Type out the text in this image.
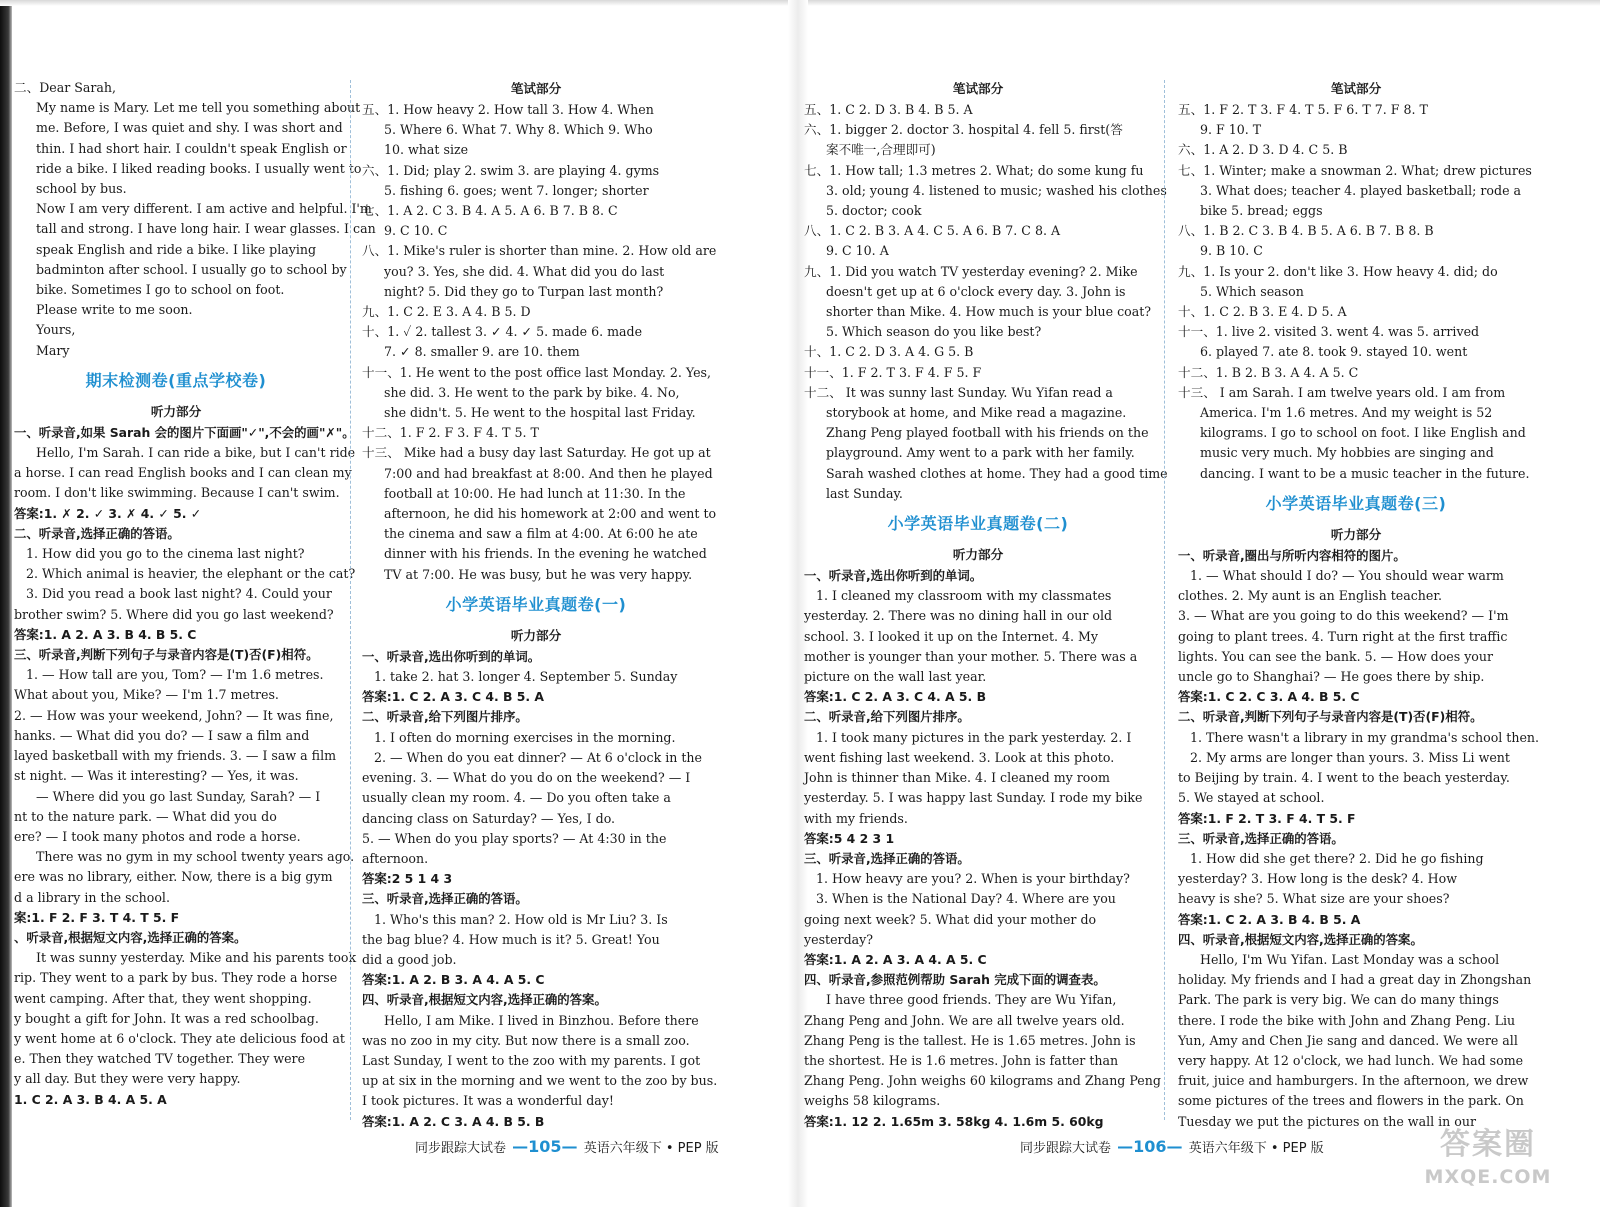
二、Dear Sarah,
My name is Mary. Let me tell you something about
me. Before, I was quiet and shy. I was short and
thin. I had short hair. I couldn't speak English or
ride a bike. I liked reading books. I usually went to
school by bus.
Now I am very different. I am active and helpful. I'm
tall and strong. I have long hair. I wear glasses. I can
speak English and ride a bike. I like playing
badminton after school. I usually go to school by
bike. Sometimes I go to school on foot.
Please write to me soon.
Yours,
Mary
期末检测卷(重点学校卷)
听力部分
一、听录音,如果 Sarah 会的图片下面画"✓",不会的画"✗"。
Hello, I'm Sarah. I can ride a bike, but I can't ride
a horse. I can read English books and I can clean my
room. I don't like swimming. Because I can't swim.
答案:1. ✗ 2. ✓ 3. ✗ 4. ✓ 5. ✓
二、听录音,选择正确的答语。
1. How did you go to the cinema last night?
2. Which animal is heavier, the elephant or the cat?
3. Did you read a book last night? 4. Could your
brother swim? 5. Where did you go last weekend?
答案:1. A 2. A 3. B 4. B 5. C
三、听录音,判断下列句子与录音内容是(T)否(F)相符。
1. — How tall are you, Tom? — I'm 1.6 metres.
What about you, Mike? — I'm 1.7 metres.
2. — How was your weekend, John? — It was fine,
hanks. — What did you do? — I saw a film and
layed basketball with my friends. 3. — I saw a film
st night. — Was it interesting? — Yes, it was.
— Where did you go last Sunday, Sarah? — I
nt to the nature park. — What did you do
ere? — I took many photos and rode a horse.
There was no gym in my school twenty years ago.
ere was no library, either. Now, there is a big gym
d a library in the school.
案:1. F 2. F 3. T 4. T 5. F
、听录音,根据短文内容,选择正确的答案。
It was sunny yesterday. Mike and his parents took
rip. They went to a park by bus. They rode a horse
went camping. After that, they went shopping.
y bought a gift for John. It was a red schoolbag.
y went home at 6 o'clock. They ate delicious food at
e. Then they watched TV together. They were
y all day. But they were very happy.
1. C 2. A 3. B 4. A 5. A
笔试部分
五、1. How heavy 2. How tall 3. How 4. When
5. Where 6. What 7. Why 8. Which 9. Who
10. what size
六、1. Did; play 2. swim 3. are playing 4. gyms
5. fishing 6. goes; went 7. longer; shorter
七、1. A 2. C 3. B 4. A 5. A 6. B 7. B 8. C
9. C 10. C
八、1. Mike's ruler is shorter than mine. 2. How old are
you? 3. Yes, she did. 4. What did you do last
night? 5. Did they go to Turpan last month?
九、1. C 2. E 3. A 4. B 5. D
十、1. ✓ 2. tallest 3. ✓ 4. ✓ 5. made 6. made
7. ✓ 8. smaller 9. are 10. them
十一、1. He went to the post office last Monday. 2. Yes,
she did. 3. He went to the park by bike. 4. No,
she didn't. 5. He went to the hospital last Friday.
十二、1. F 2. F 3. F 4. T 5. T
十三、 Mike had a busy day last Saturday. He got up at
7:00 and had breakfast at 8:00. And then he played
football at 10:00. He had lunch at 11:30. In the
afternoon, he did his homework at 2:00 and went to
the cinema and saw a film at 4:00. At 6:00 he ate
dinner with his friends. In the evening he watched
TV at 7:00. He was busy, but he was very happy.
小学英语毕业真题卷(一)
听力部分
一、听录音,选出你听到的单词。
1. take 2. hat 3. longer 4. September 5. Sunday
答案:1. C 2. A 3. C 4. B 5. A
二、听录音,给下列图片排序。
1. I often do morning exercises in the morning.
2. — When do you eat dinner? — At 6 o'clock in the
evening. 3. — What do you do on the weekend? — I
usually clean my room. 4. — Do you often take a
dancing class on Saturday? — Yes, I do.
5. — When do you play sports? — At 4:30 in the
afternoon.
答案:2 5 1 4 3
三、听录音,选择正确的答语。
1. Who's this man? 2. How old is Mr Liu? 3. Is
the bag blue? 4. How much is it? 5. Great! You
did a good job.
答案:1. A 2. B 3. A 4. A 5. C
四、听录音,根据短文内容,选择正确的答案。
Hello, I am Mike. I lived in Binzhou. Before there
was no zoo in my city. But now there is a small zoo.
Last Sunday, I went to the zoo with my parents. I got
up at six in the morning and we went to the zoo by bus.
I took pictures. It was a wonderful day!
答案:1. A 2. C 3. A 4. B 5. B
笔试部分
五、1. C 2. D 3. B 4. B 5. A
六、1. bigger 2. doctor 3. hospital 4. fell 5. first(答
案不唯一,合理即可)
七、1. How tall; 1.3 metres 2. What; do some kung fu
3. old; young 4. listened to music; washed his clothes
5. doctor; cook
八、1. C 2. B 3. A 4. C 5. A 6. B 7. C 8. A
9. C 10. A
九、1. Did you watch TV yesterday evening? 2. Mike
doesn't get up at 6 o'clock every day. 3. John is
shorter than Mike. 4. How much is your blue coat?
5. Which season do you like best?
十、1. C 2. D 3. A 4. G 5. B
十一、1. F 2. T 3. F 4. F 5. F
十二、 It was sunny last Sunday. Wu Yifan read a
storybook at home, and Mike read a magazine.
Zhang Peng played football with his friends on the
playground. Amy went to a park with her family.
Sarah washed clothes at home. They had a good time
last Sunday.
小学英语毕业真题卷(二)
听力部分
一、听录音,选出你听到的单词。
1. I cleaned my classroom with my classmates
yesterday. 2. There was no dining hall in our old
school. 3. I looked it up on the Internet. 4. My
mother is younger than your mother. 5. There was a
picture on the wall last year.
答案:1. C 2. A 3. C 4. A 5. B
二、听录音,给下列图片排序。
1. I took many pictures in the park yesterday. 2. I
went fishing last weekend. 3. Look at this photo.
John is thinner than Mike. 4. I cleaned my room
yesterday. 5. I was happy last Sunday. I rode my bike
with my friends.
答案:5 4 2 3 1
三、听录音,选择正确的答语。
1. How heavy are you? 2. When is your birthday?
3. When is the National Day? 4. Where are you
going next week? 5. What did your mother do
yesterday?
答案:1. A 2. A 3. A 4. A 5. C
四、听录音,参照范例帮助 Sarah 完成下面的调查表。
I have three good friends. They are Wu Yifan,
Zhang Peng and John. We are all twelve years old.
Zhang Peng is the tallest. He is 1.65 metres. John is
the shortest. He is 1.6 metres. John is fatter than
Zhang Peng. John weighs 60 kilograms and Zhang Peng
weighs 58 kilograms.
答案:1. 12 2. 1.65m 3. 58kg 4. 1.6m 5. 60kg
笔试部分
五、1. F 2. T 3. F 4. T 5. F 6. T 7. F 8. T
9. F 10. T
六、1. A 2. D 3. D 4. C 5. B
七、1. Winter; make a snowman 2. What; drew pictures
3. What does; teacher 4. played basketball; rode a
bike 5. bread; eggs
八、1. B 2. C 3. B 4. B 5. A 6. B 7. B 8. B
9. B 10. C
九、1. Is your 2. don't like 3. How heavy 4. did; do
5. Which season
十、1. C 2. B 3. E 4. D 5. A
十一、1. live 2. visited 3. went 4. was 5. arrived
6. played 7. ate 8. took 9. stayed 10. went
十二、1. B 2. B 3. A 4. A 5. C
十三、 I am Sarah. I am twelve years old. I am from
America. I'm 1.6 metres. And my weight is 52
kilograms. I go to school on foot. I like English and
music very much. My hobbies are singing and
dancing. I want to be a music teacher in the future.
小学英语毕业真题卷(三)
听力部分
一、听录音,圈出与所听内容相符的图片。
1. — What should I do? — You should wear warm
clothes. 2. My aunt is an English teacher.
3. — What are you going to do this weekend? — I'm
going to plant trees. 4. Turn right at the first traffic
lights. You can see the bank. 5. — How does your
uncle go to Shanghai? — He goes there by ship.
答案:1. C 2. C 3. A 4. B 5. C
二、听录音,判断下列句子与录音内容是(T)否(F)相符。
1. There wasn't a library in my grandma's school then.
2. My arms are longer than yours. 3. Miss Li went
to Beijing by train. 4. I went to the beach yesterday.
5. We stayed at school.
答案:1. F 2. T 3. F 4. T 5. F
三、听录音,选择正确的答语。
1. How did she get there? 2. Did he go fishing
yesterday? 3. How long is the desk? 4. How
heavy is she? 5. What size are your shoes?
答案:1. C 2. A 3. B 4. B 5. A
四、听录音,根据短文内容,选择正确的答案。
Hello, I'm Wu Yifan. Last Monday was a school
holiday. My friends and I had a great day in Zhongshan
Park. The park is very big. We can do many things
there. I rode the bike with John and Zhang Peng. Liu
Yun, Amy and Chen Jie sang and danced. We were all
very happy. At 12 o'clock, we had lunch. We had some
fruit, juice and hamburgers. In the afternoon, we drew
some pictures of the trees and flowers in the park. On
Tuesday we put the pictures on the wall in our
同步跟踪大试卷 —105— 英语六年级下 • PEP 版	同步跟踪大试卷 —106— 英语六年级下 • PEP 版	答案圈
MXQE.COM
